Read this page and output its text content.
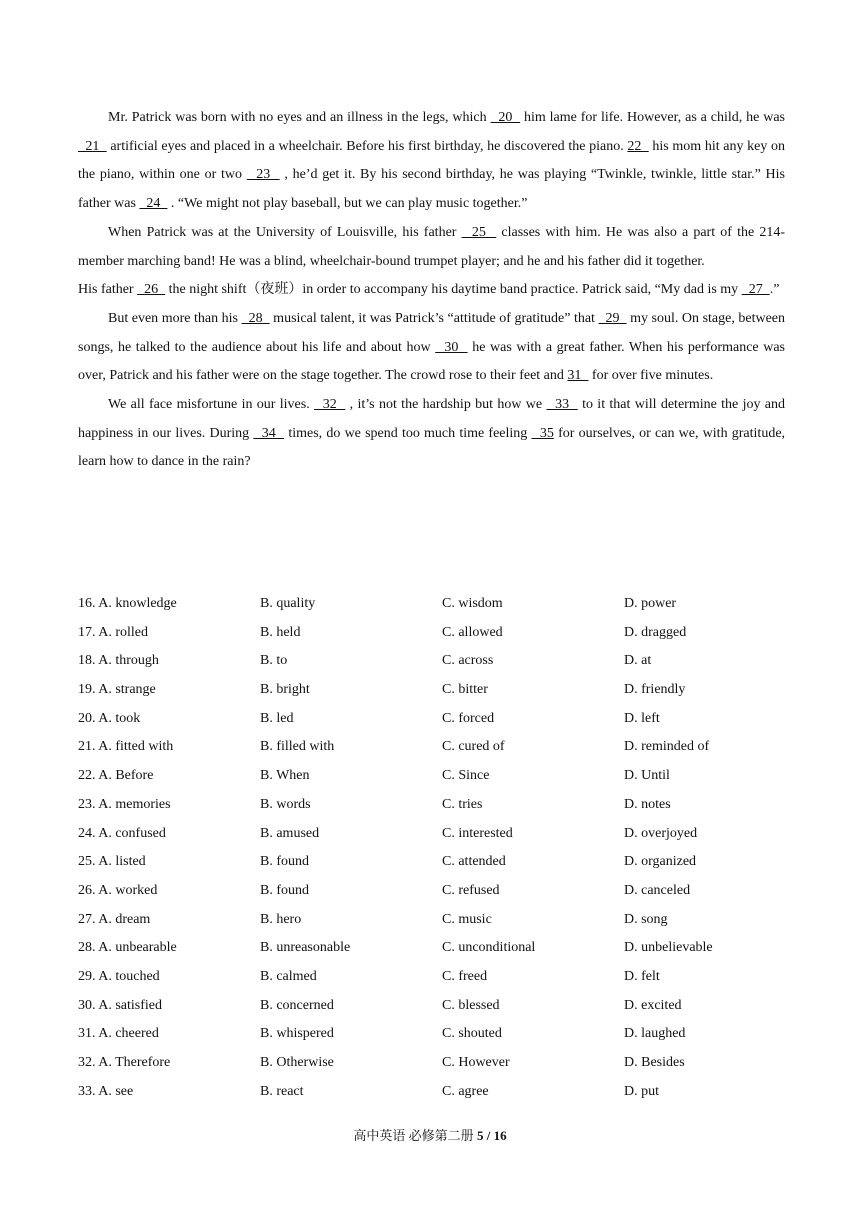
Mr. Patrick was born with no eyes and an illness in the legs, which   20   him lame for life. However, as a child, he was   21   artificial eyes and placed in a wheelchair. Before his first birthday, he discovered the piano. 22   his mom hit any key on the piano, within one or two   23   , he’d get it. By his second birthday, he was playing “Twinkle, twinkle, little star.” His father was   24   . “We might not play baseball, but we can play music together.”

When Patrick was at the University of Louisville, his father   25   classes with him. He was also a part of the 214-member marching band! He was a blind, wheelchair-bound trumpet player; and he and his father did it together.

His father   26   the night shift（夜班）in order to accompany his daytime band practice. Patrick said, “My dad is my   27  .”

But even more than his   28   musical talent, it was Patrick’s “attitude of gratitude” that   29   my soul. On stage, between songs, he talked to the audience about his life and about how   30   he was with a great father. When his performance was over, Patrick and his father were on the stage together. The crowd rose to their feet and 31   for over five minutes.

We all face misfortune in our lives.   32   , it’s not the hardship but how we   33   to it that will determine the joy and happiness in our lives. During   34   times, do we spend too much time feeling   35 for ourselves, or can we, with gratitude, learn how to dance in the rain?

16. A. knowledge	B. quality	C. wisdom	D. power
17. A. rolled	B. held	C. allowed	D. dragged
18. A. through	B. to	C. across	D. at
19. A. strange	B. bright	C. bitter	D. friendly
20. A. took	B. led	C. forced	D. left
21. A. fitted with	B. filled with	C. cured of	D. reminded of
22. A. Before	B. When	C. Since	D. Until
23. A. memories	B. words	C. tries	D. notes
24. A. confused	B. amused	C. interested	D. overjoyed
25. A. listed	B. found	C. attended	D. organized
26. A. worked	B. found	C. refused	D. canceled
27. A. dream	B. hero	C. music	D. song
28. A. unbearable	B. unreasonable	C. unconditional	D. unbelievable
29. A. touched	B. calmed	C. freed	D. felt
30. A. satisfied	B. concerned	C. blessed	D. excited
31. A. cheered	B. whispered	C. shouted	D. laughed
32. A. Therefore	B. Otherwise	C. However	D. Besides
33. A. see	B. react	C. agree	D. put
高中英语 必修第二册 5 / 16
